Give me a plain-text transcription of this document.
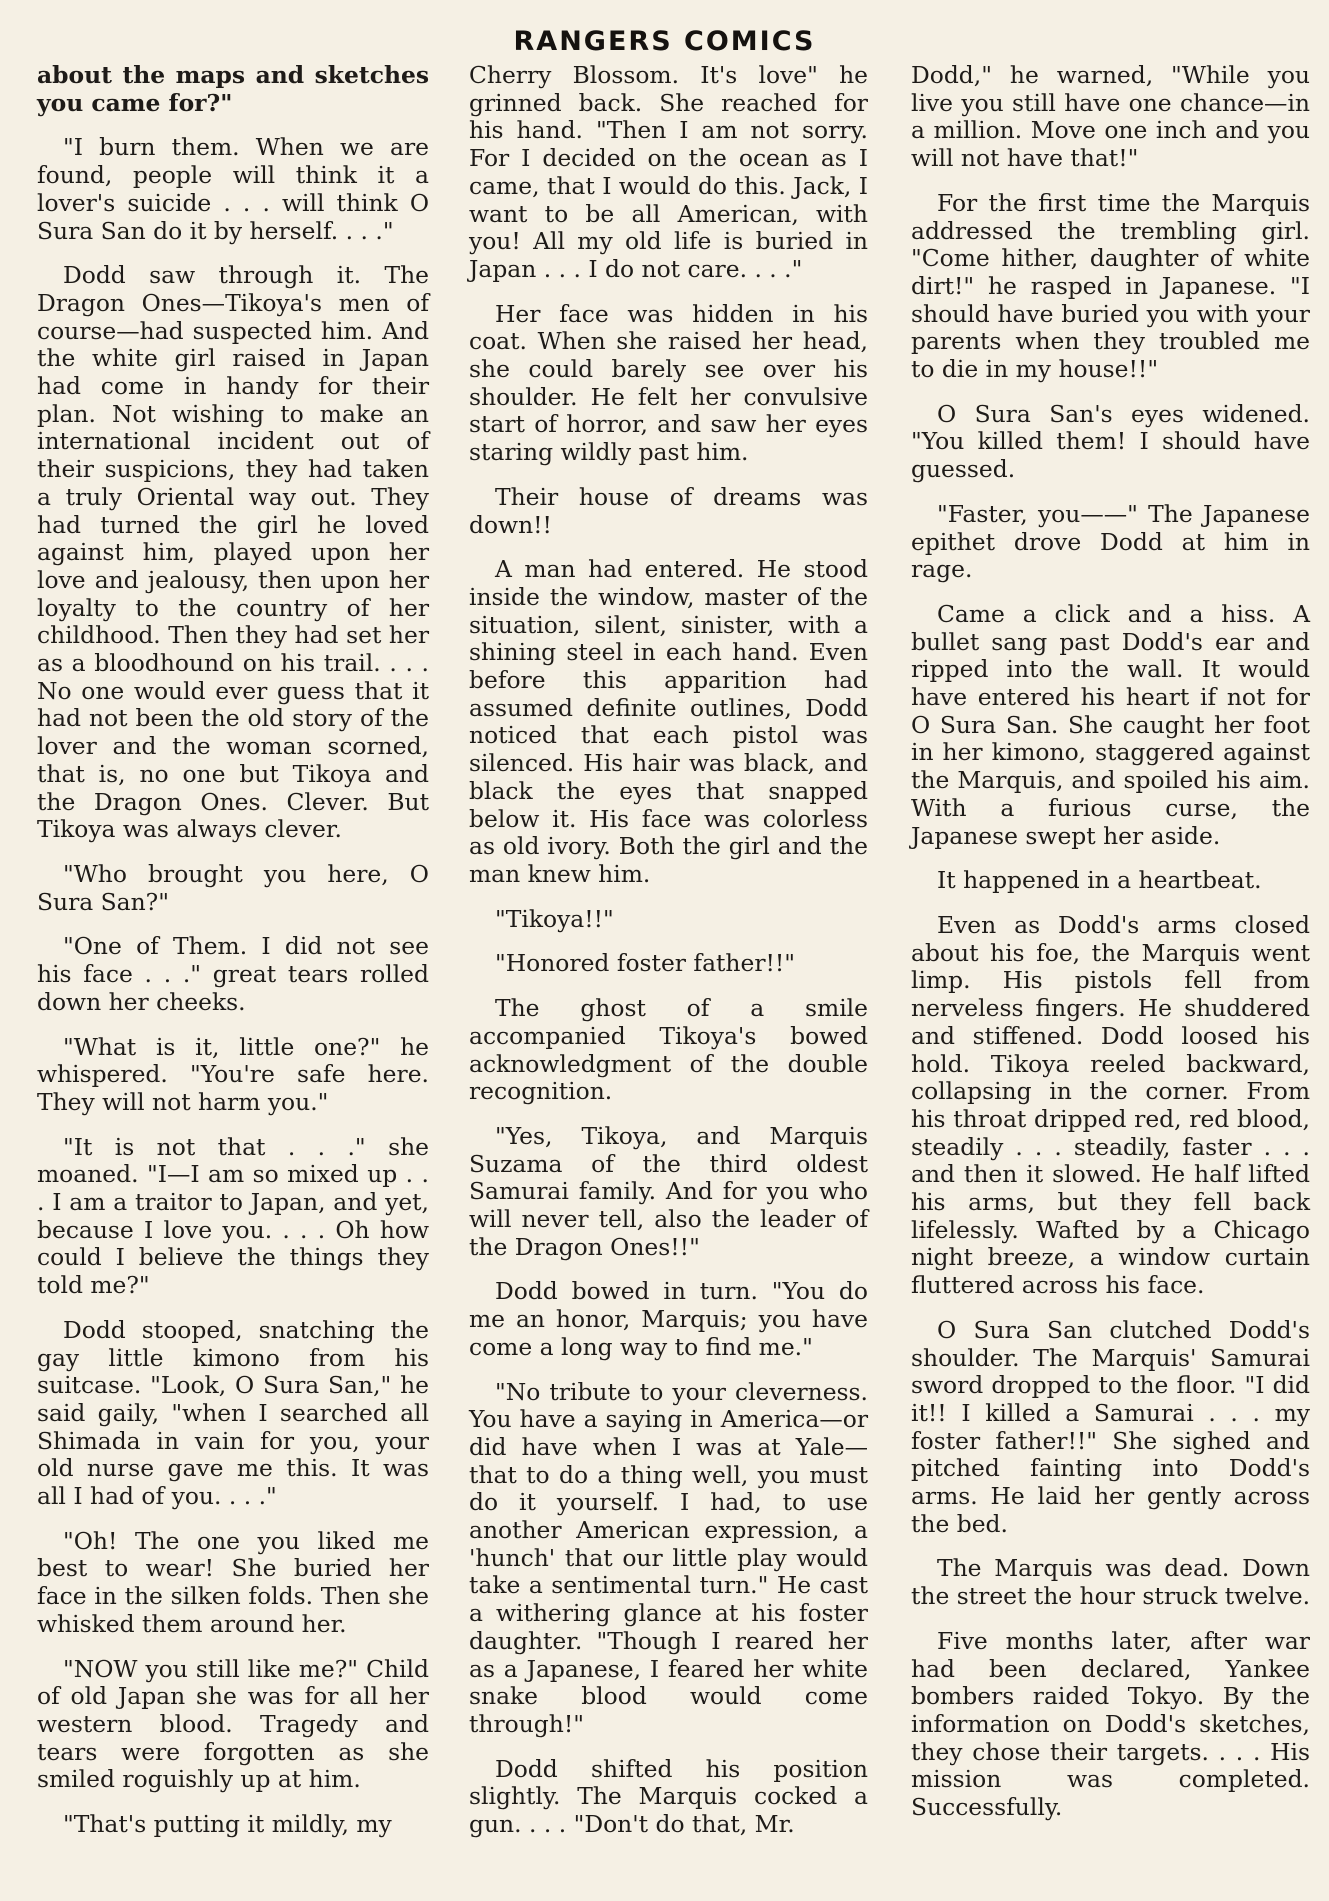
RANGERS COMICS

about the maps and sketches you came for?"

"I burn them. When we are found, people will think it a lover's suicide . . . will think O Sura San do it by herself. . . ."

Dodd saw through it. The Dragon Ones—Tikoya's men of course—had suspected him. And the white girl raised in Japan had come in handy for their plan. Not wishing to make an international incident out of their suspicions, they had taken a truly Oriental way out. They had turned the girl he loved against him, played upon her love and jealousy, then upon her loyalty to the country of her childhood. Then they had set her as a bloodhound on his trail. . . . No one would ever guess that it had not been the old story of the lover and the woman scorned, that is, no one but Tikoya and the Dragon Ones. Clever. But Tikoya was always clever.

"Who brought you here, O Sura San?"

"One of Them. I did not see his face . . ." great tears rolled down her cheeks.

"What is it, little one?" he whispered. "You're safe here. They will not harm you."

"It is not that . . ." she moaned. "I—I am so mixed up . . . I am a traitor to Japan, and yet, because I love you. . . . Oh how could I believe the things they told me?"

Dodd stooped, snatching the gay little kimono from his suitcase. "Look, O Sura San," he said gaily, "when I searched all Shimada in vain for you, your old nurse gave me this. It was all I had of you. . . ."

"Oh! The one you liked me best to wear! She buried her face in the silken folds. Then she whisked them around her.

"NOW you still like me?" Child of old Japan she was for all her western blood. Tragedy and tears were forgotten as she smiled roguishly up at him.

"That's putting it mildly, my

Cherry Blossom. It's love" he grinned back. She reached for his hand. "Then I am not sorry. For I decided on the ocean as I came, that I would do this. Jack, I want to be all American, with you! All my old life is buried in Japan . . . I do not care. . . ."

Her face was hidden in his coat. When she raised her head, she could barely see over his shoulder. He felt her convulsive start of horror, and saw her eyes staring wildly past him.

Their house of dreams was down!!

A man had entered. He stood inside the window, master of the situation, silent, sinister, with a shining steel in each hand. Even before this apparition had assumed definite outlines, Dodd noticed that each pistol was silenced. His hair was black, and black the eyes that snapped below it. His face was colorless as old ivory. Both the girl and the man knew him.

"Tikoya!!"

"Honored foster father!!"

The ghost of a smile accompanied Tikoya's bowed acknowledgment of the double recognition.

"Yes, Tikoya, and Marquis Suzama of the third oldest Samurai family. And for you who will never tell, also the leader of the Dragon Ones!!"

Dodd bowed in turn. "You do me an honor, Marquis; you have come a long way to find me."

"No tribute to your cleverness. You have a saying in America—or did have when I was at Yale—that to do a thing well, you must do it yourself. I had, to use another American expression, a 'hunch' that our little play would take a sentimental turn." He cast a withering glance at his foster daughter. "Though I reared her as a Japanese, I feared her white snake blood would come through!"

Dodd shifted his position slightly. The Marquis cocked a gun. . . . "Don't do that, Mr.

Dodd," he warned, "While you live you still have one chance—in a million. Move one inch and you will not have that!"

For the first time the Marquis addressed the trembling girl. "Come hither, daughter of white dirt!" he rasped in Japanese. "I should have buried you with your parents when they troubled me to die in my house!!"

O Sura San's eyes widened. "You killed them! I should have guessed.

"Faster, you——" The Japanese epithet drove Dodd at him in rage.

Came a click and a hiss. A bullet sang past Dodd's ear and ripped into the wall. It would have entered his heart if not for O Sura San. She caught her foot in her kimono, staggered against the Marquis, and spoiled his aim. With a furious curse, the Japanese swept her aside.

It happened in a heartbeat.

Even as Dodd's arms closed about his foe, the Marquis went limp. His pistols fell from nerveless fingers. He shuddered and stiffened. Dodd loosed his hold. Tikoya reeled backward, collapsing in the corner. From his throat dripped red, red blood, steadily . . . steadily, faster . . . and then it slowed. He half lifted his arms, but they fell back lifelessly. Wafted by a Chicago night breeze, a window curtain fluttered across his face.

O Sura San clutched Dodd's shoulder. The Marquis' Samurai sword dropped to the floor. "I did it!! I killed a Samurai . . . my foster father!!" She sighed and pitched fainting into Dodd's arms. He laid her gently across the bed.

The Marquis was dead. Down the street the hour struck twelve.

Five months later, after war had been declared, Yankee bombers raided Tokyo. By the information on Dodd's sketches, they chose their targets. . . . His mission was completed. Successfully.
